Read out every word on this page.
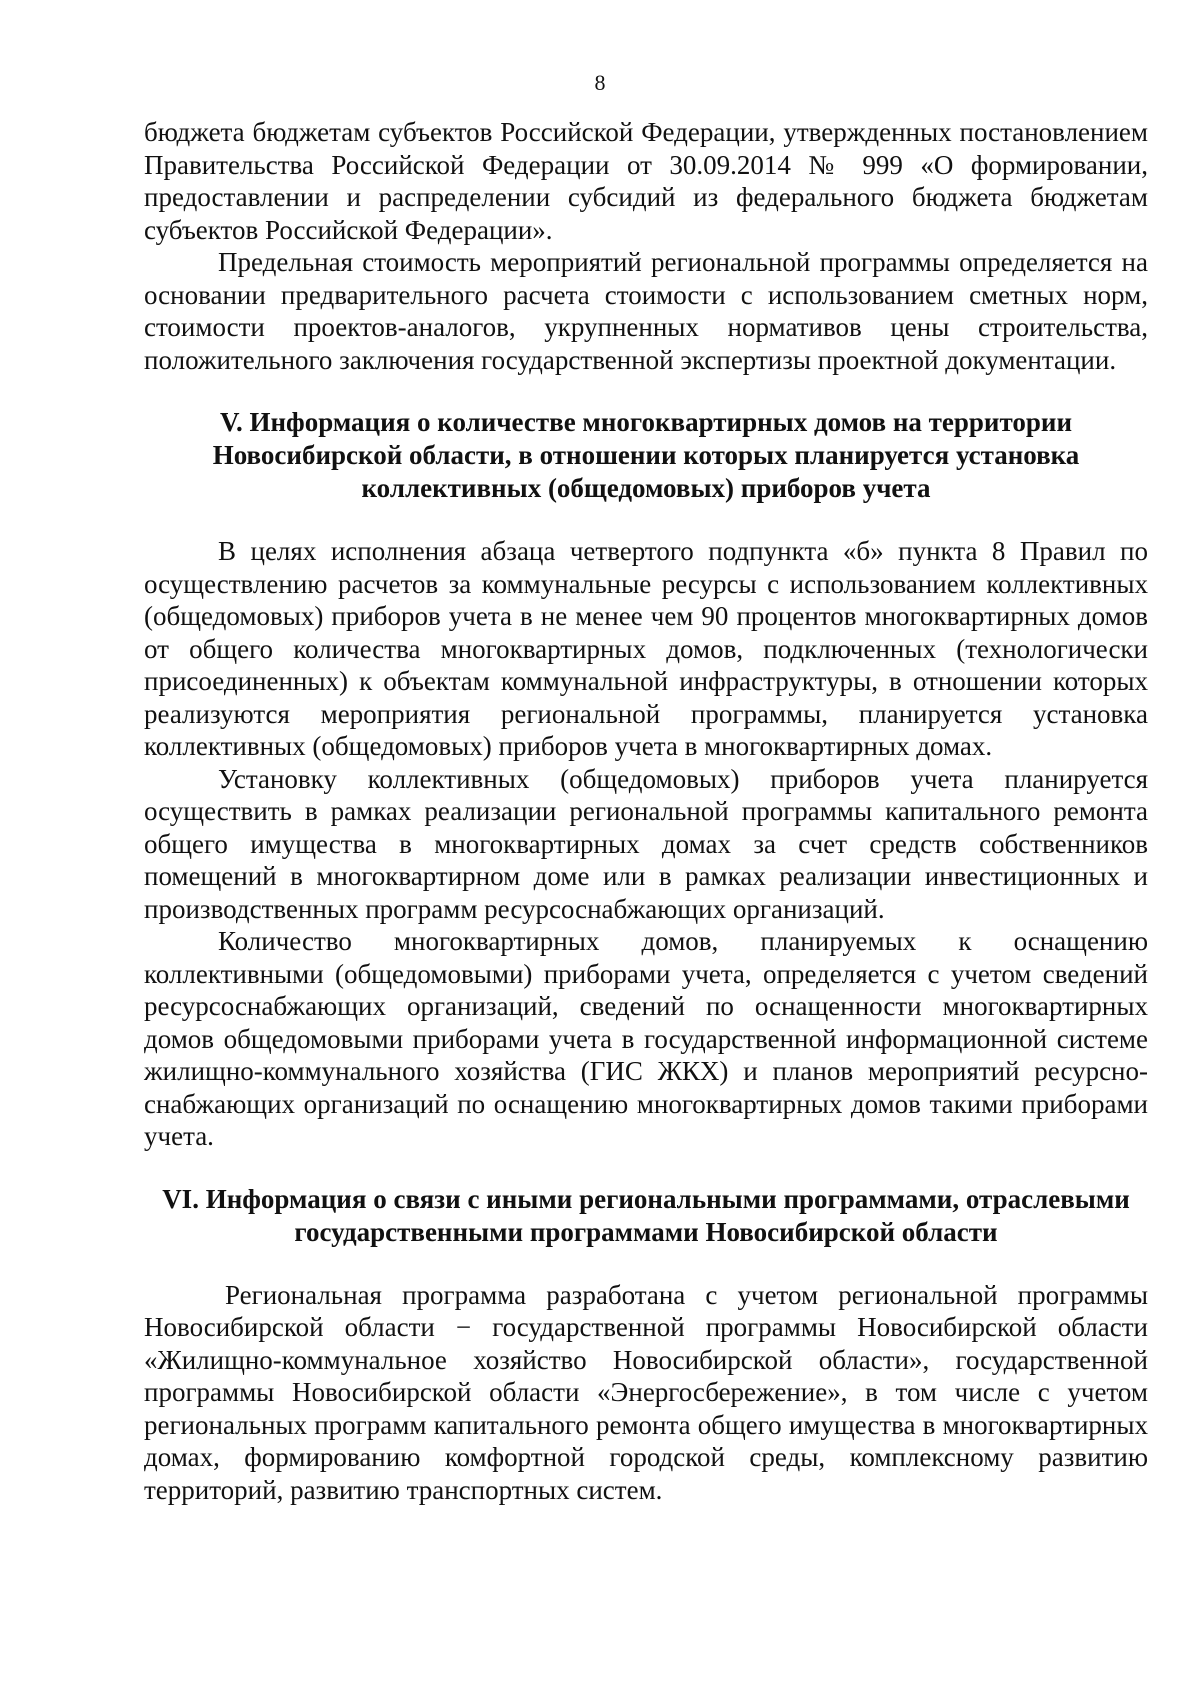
8

бюджета бюджетам субъектов Российской Федерации, утвержденных постановлением Правительства Российской Федерации от 30.09.2014 № 999 «О формировании, предоставлении и распределении субсидий из федерального бюджета бюджетам субъектов Российской Федерации».

Предельная стоимость мероприятий региональной программы определяется на основании предварительного расчета стоимости с использованием сметных норм, стоимости проектов-аналогов, укрупненных нормативов цены строительства, положительного заключения государственной экспертизы проектной документации.

V. Информация о количестве многоквартирных домов на территории Новосибирской области, в отношении которых планируется установка коллективных (общедомовых) приборов учета

В целях исполнения абзаца четвертого подпункта «б» пункта 8 Правил по осуществлению расчетов за коммунальные ресурсы с использованием коллективных (общедомовых) приборов учета в не менее чем 90 процентов многоквартирных домов от общего количества многоквартирных домов, подключенных (технологически присоединенных) к объектам коммунальной инфраструктуры, в отношении которых реализуются мероприятия региональной программы, планируется установка коллективных (общедомовых) приборов учета в многоквартирных домах.

Установку коллективных (общедомовых) приборов учета планируется осуществить в рамках реализации региональной программы капитального ремонта общего имущества в многоквартирных домах за счет средств собственников помещений в многоквартирном доме или в рамках реализации инвестиционных и производственных программ ресурсоснабжающих организаций.

Количество многоквартирных домов, планируемых к оснащению коллективными (общедомовыми) приборами учета, определяется с учетом сведений ресурсоснабжающих организаций, сведений по оснащенности многоквартирных домов общедомовыми приборами учета в государственной информационной системе жилищно-коммунального хозяйства (ГИС ЖКХ) и планов мероприятий ресурсно-снабжающих организаций по оснащению многоквартирных домов такими приборами учета.

VI. Информация о связи с иными региональными программами, отраслевыми государственными программами Новосибирской области

Региональная программа разработана с учетом региональной программы Новосибирской области − государственной программы Новосибирской области «Жилищно-коммунальное хозяйство Новосибирской области», государственной программы Новосибирской области «Энергосбережение», в том числе с учетом региональных программ капитального ремонта общего имущества в многоквартирных домах, формированию комфортной городской среды, комплексному развитию территорий, развитию транспортных систем.
